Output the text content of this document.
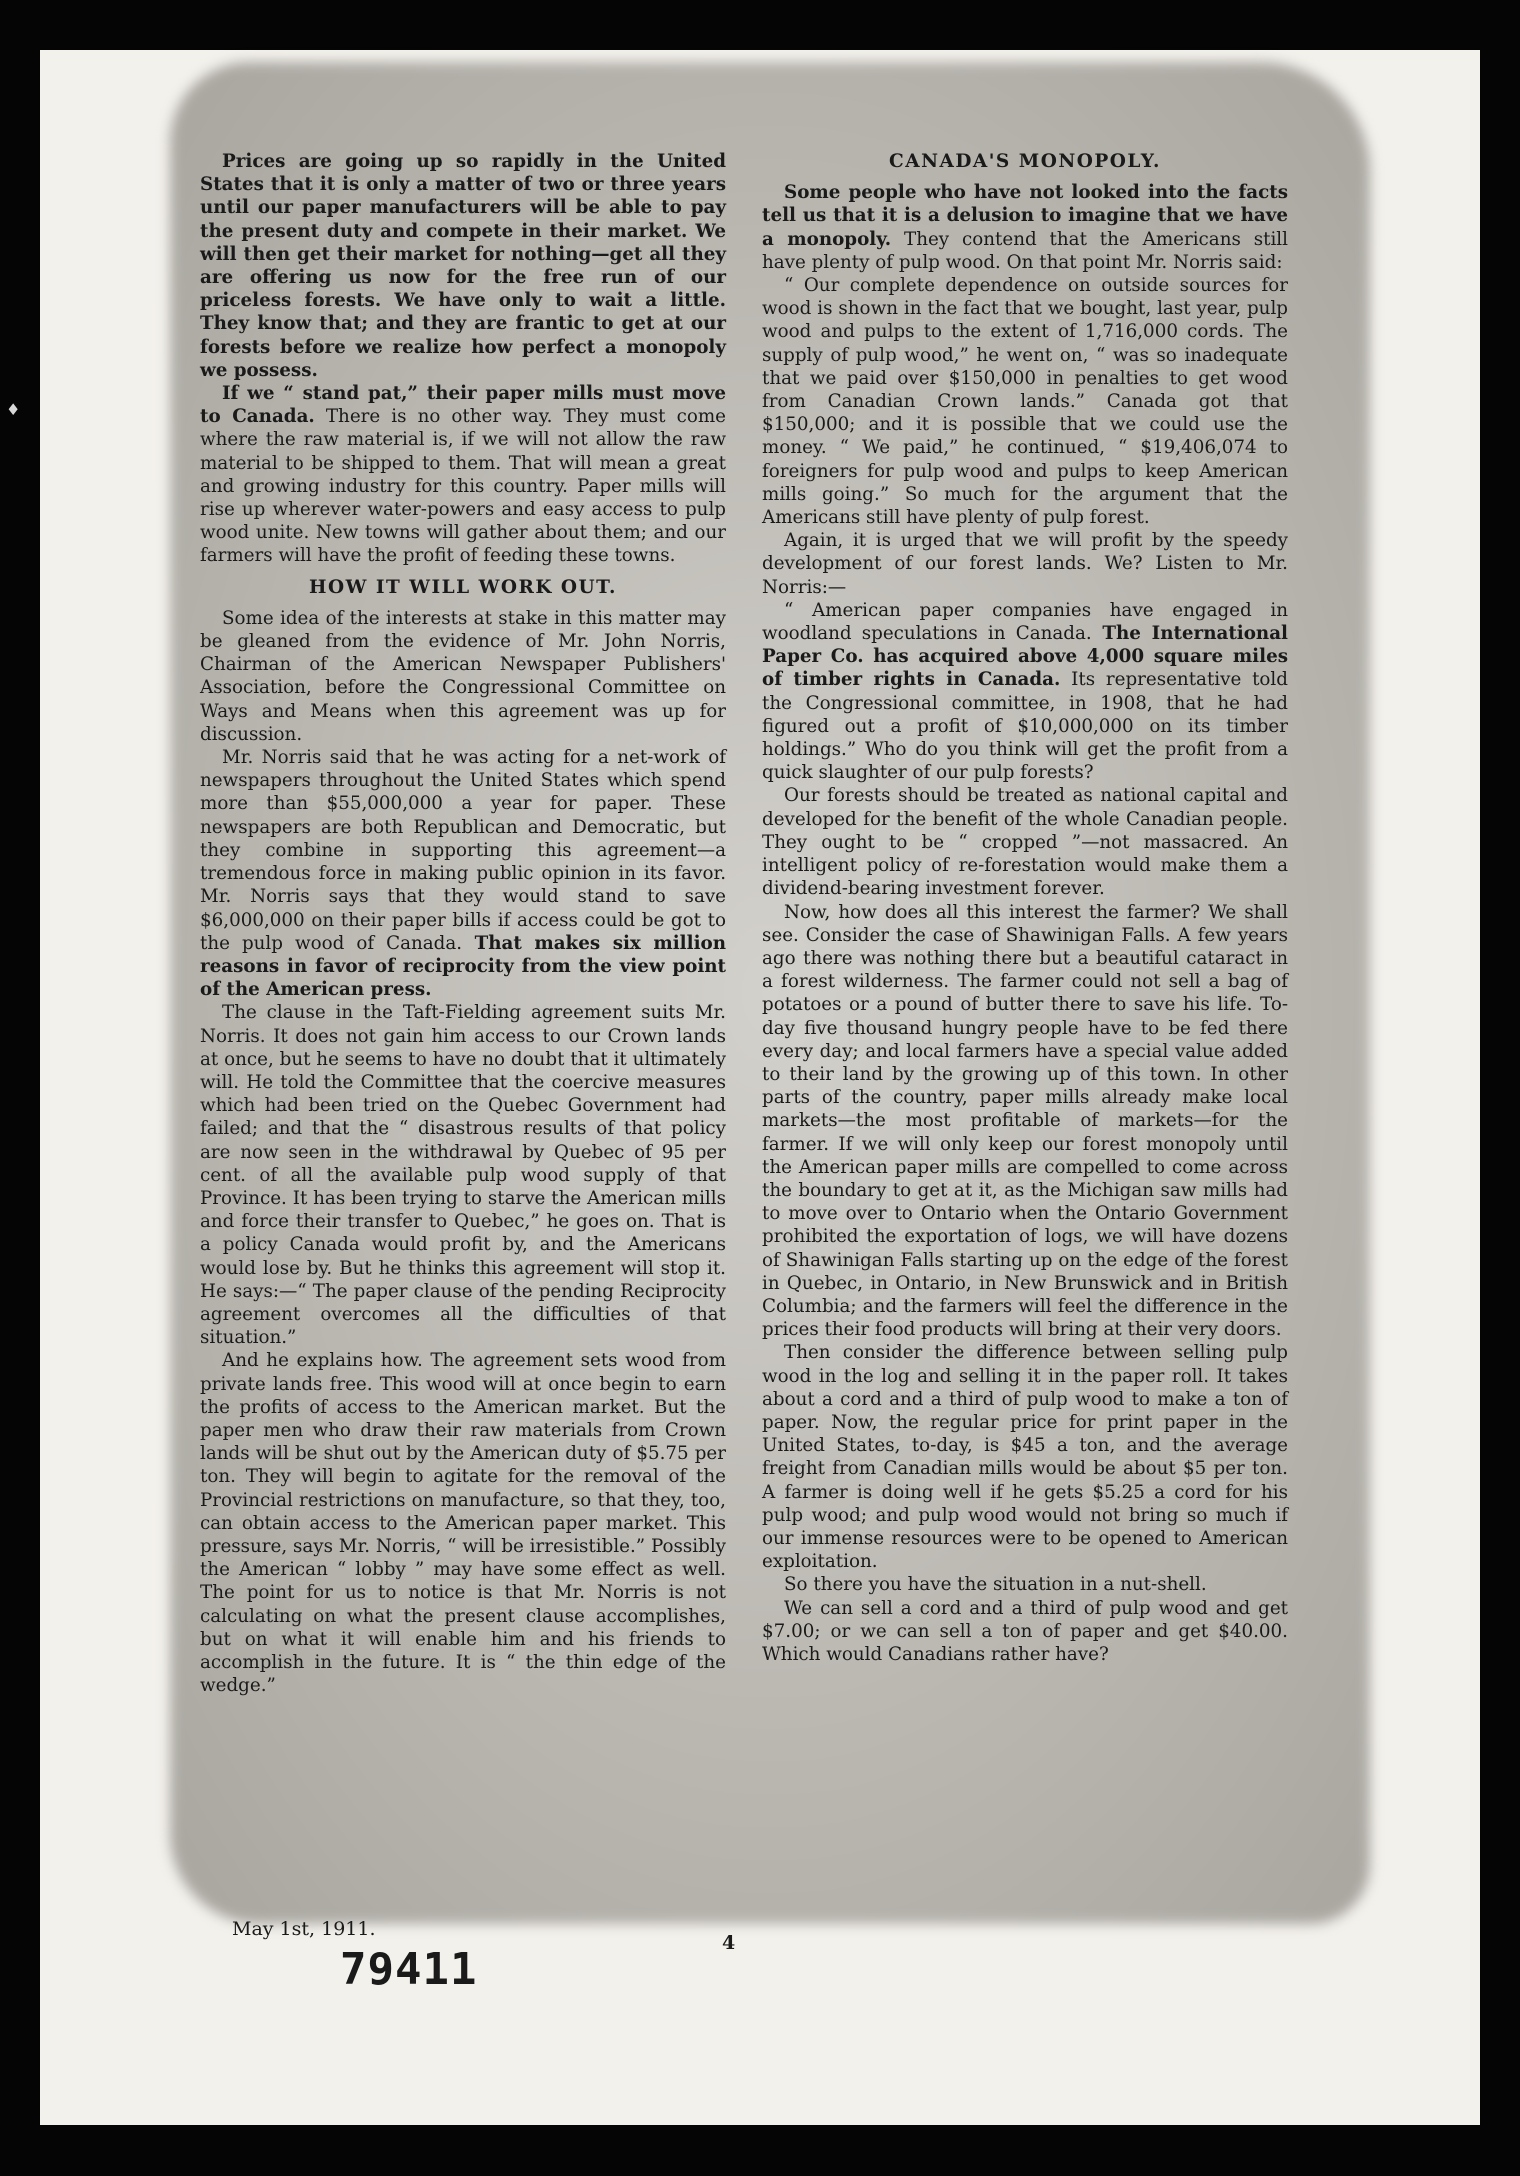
♦

Prices are going up so rapidly in the United States that it is only a matter of two or three years until our paper manufacturers will be able to pay the present duty and compete in their market. We will then get their market for nothing—get all they are offering us now for the free run of our priceless forests. We have only to wait a little. They know that; and they are frantic to get at our forests before we realize how perfect a monopoly we possess.

If we “ stand pat,” their paper mills must move to Canada. There is no other way. They must come where the raw material is, if we will not allow the raw material to be shipped to them. That will mean a great and growing industry for this country. Paper mills will rise up wherever water-powers and easy access to pulp wood unite. New towns will gather about them; and our farmers will have the profit of feeding these towns.

HOW IT WILL WORK OUT.

Some idea of the interests at stake in this matter may be gleaned from the evidence of Mr. John Norris, Chairman of the American Newspaper Publishers' Association, before the Congressional Committee on Ways and Means when this agreement was up for discussion.

Mr. Norris said that he was acting for a net-work of newspapers throughout the United States which spend more than $55,000,000 a year for paper. These newspapers are both Republican and Democratic, but they combine in supporting this agreement—a tremendous force in making public opinion in its favor. Mr. Norris says that they would stand to save $6,000,000 on their paper bills if access could be got to the pulp wood of Canada. That makes six million reasons in favor of reciprocity from the view point of the American press.

The clause in the Taft-Fielding agreement suits Mr. Norris. It does not gain him access to our Crown lands at once, but he seems to have no doubt that it ultimately will. He told the Committee that the coercive measures which had been tried on the Quebec Government had failed; and that the “ disastrous results of that policy are now seen in the withdrawal by Quebec of 95 per cent. of all the available pulp wood supply of that Province. It has been trying to starve the American mills and force their transfer to Quebec,” he goes on. That is a policy Canada would profit by, and the Americans would lose by. But he thinks this agreement will stop it. He says:—“ The paper clause of the pending Reciprocity agreement overcomes all the difficulties of that situation.”

And he explains how. The agreement sets wood from private lands free. This wood will at once begin to earn the profits of access to the American market. But the paper men who draw their raw materials from Crown lands will be shut out by the American duty of $5.75 per ton. They will begin to agitate for the removal of the Provincial restrictions on manufacture, so that they, too, can obtain access to the American paper market. This pressure, says Mr. Norris, “ will be irresistible.” Possibly the American “ lobby ” may have some effect as well. The point for us to notice is that Mr. Norris is not calculating on what the present clause accomplishes, but on what it will enable him and his friends to accomplish in the future. It is “ the thin edge of the wedge.”

CANADA'S MONOPOLY.

Some people who have not looked into the facts tell us that it is a delusion to imagine that we have a monopoly. They contend that the Americans still have plenty of pulp wood. On that point Mr. Norris said:

“ Our complete dependence on outside sources for wood is shown in the fact that we bought, last year, pulp wood and pulps to the extent of 1,716,000 cords. The supply of pulp wood,” he went on, “ was so inadequate that we paid over $150,000 in penalties to get wood from Canadian Crown lands.” Canada got that $150,000; and it is possible that we could use the money. “ We paid,” he continued, “ $19,406,074 to foreigners for pulp wood and pulps to keep American mills going.” So much for the argument that the Americans still have plenty of pulp forest.

Again, it is urged that we will profit by the speedy development of our forest lands. We? Listen to Mr. Norris:—

“ American paper companies have engaged in woodland speculations in Canada. The International Paper Co. has acquired above 4,000 square miles of timber rights in Canada. Its representative told the Congressional committee, in 1908, that he had figured out a profit of $10,000,000 on its timber holdings.” Who do you think will get the profit from a quick slaughter of our pulp forests?

Our forests should be treated as national capital and developed for the benefit of the whole Canadian people. They ought to be “ cropped ”—not massacred. An intelligent policy of re-forestation would make them a dividend-bearing investment forever.

Now, how does all this interest the farmer? We shall see. Consider the case of Shawinigan Falls. A few years ago there was nothing there but a beautiful cataract in a forest wilderness. The farmer could not sell a bag of potatoes or a pound of butter there to save his life. To-day five thousand hungry people have to be fed there every day; and local farmers have a special value added to their land by the growing up of this town. In other parts of the country, paper mills already make local markets—the most profitable of markets—for the farmer. If we will only keep our forest monopoly until the American paper mills are compelled to come across the boundary to get at it, as the Michigan saw mills had to move over to Ontario when the Ontario Government prohibited the exportation of logs, we will have dozens of Shawinigan Falls starting up on the edge of the forest in Quebec, in Ontario, in New Brunswick and in British Columbia; and the farmers will feel the difference in the prices their food products will bring at their very doors.

Then consider the difference between selling pulp wood in the log and selling it in the paper roll. It takes about a cord and a third of pulp wood to make a ton of paper. Now, the regular price for print paper in the United States, to-day, is $45 a ton, and the average freight from Canadian mills would be about $5 per ton. A farmer is doing well if he gets $5.25 a cord for his pulp wood; and pulp wood would not bring so much if our immense resources were to be opened to American exploitation.

So there you have the situation in a nut-shell.

We can sell a cord and a third of pulp wood and get $7.00; or we can sell a ton of paper and get $40.00. Which would Canadians rather have?

May 1st, 1911.
4
79411
